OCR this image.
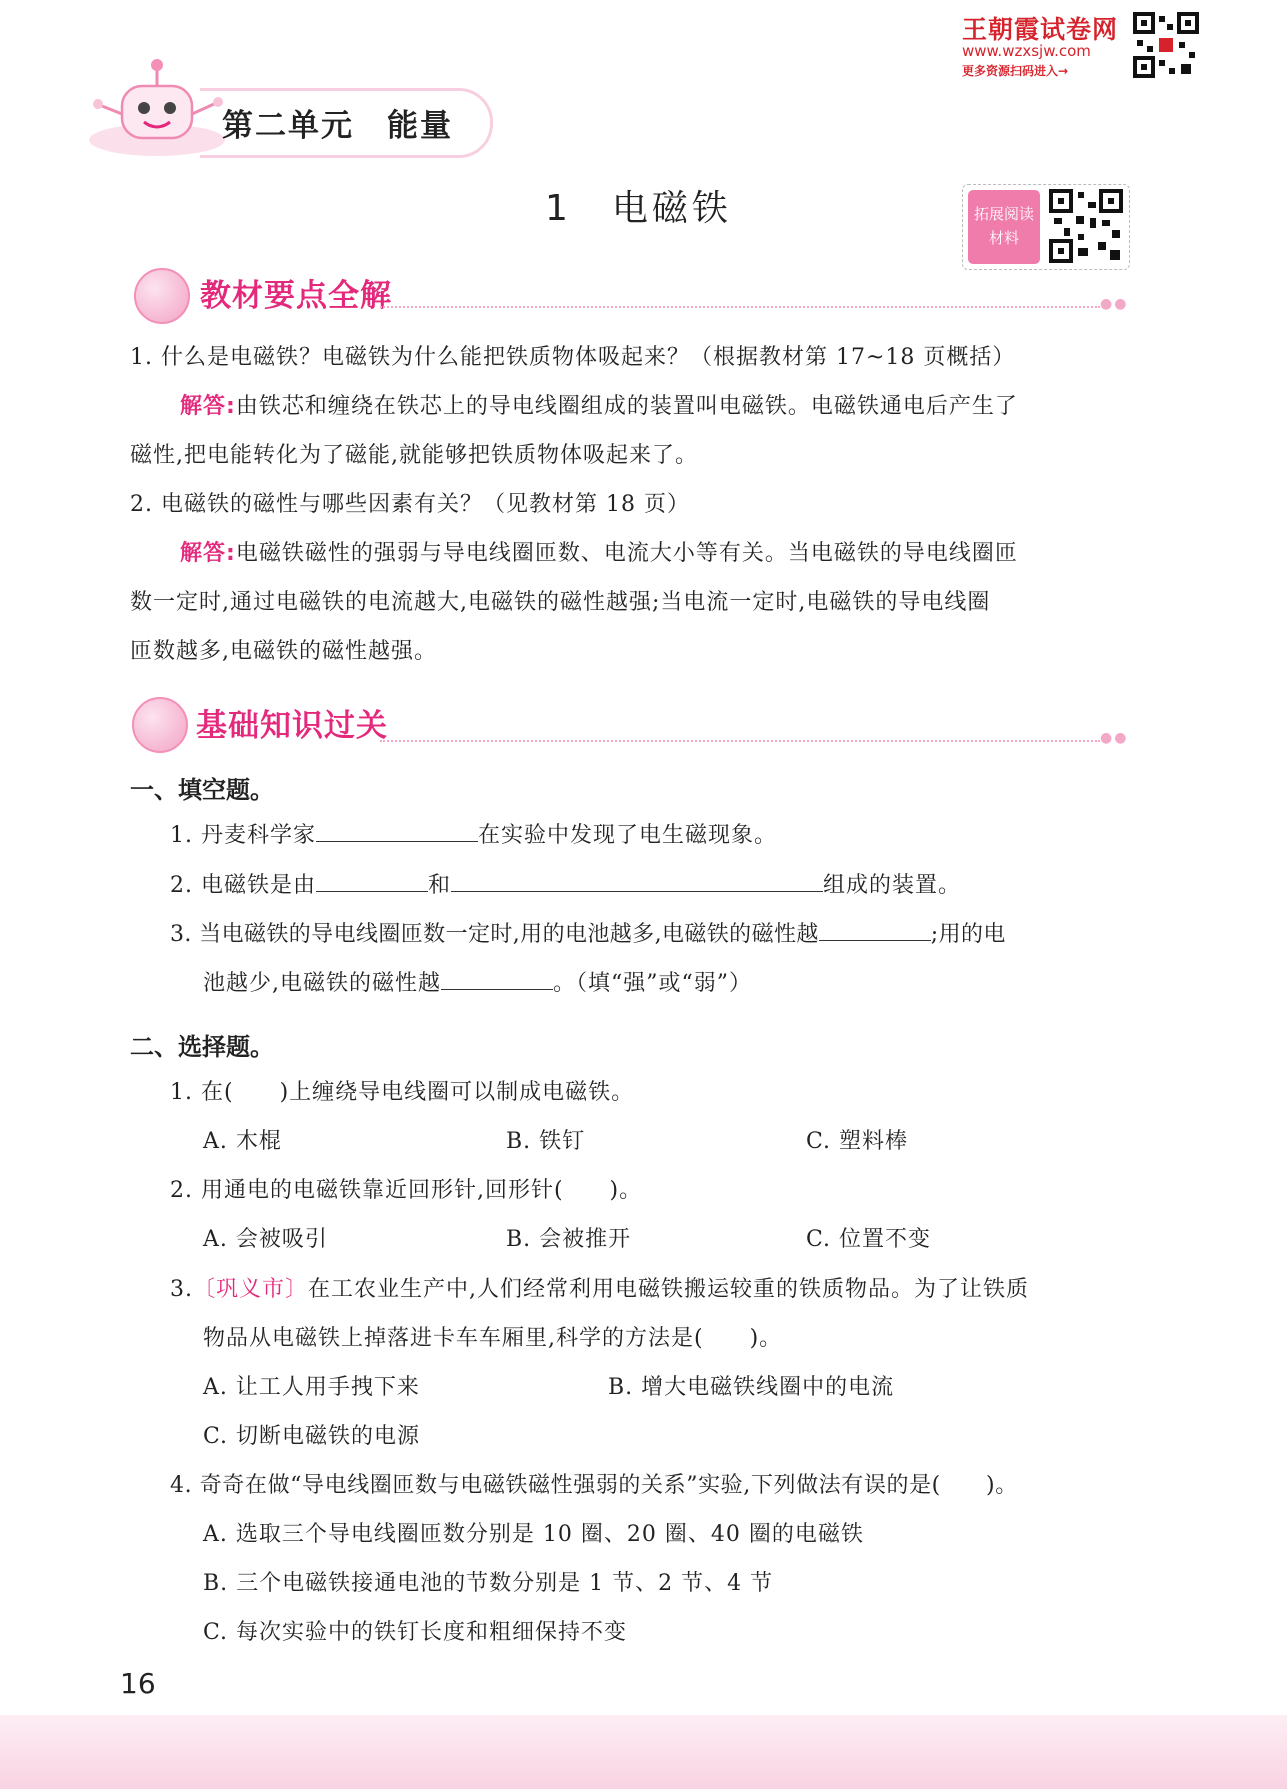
王朝霞试卷网
www.wzxsjw.com
更多资源扫码进入→
第二单元　能量
1　电磁铁	拓展阅读
材料
教材要点全解	●●
1. 什么是电磁铁？电磁铁为什么能把铁质物体吸起来？（根据教材第 17~18 页概括）
解答:由铁芯和缠绕在铁芯上的导电线圈组成的装置叫电磁铁。电磁铁通电后产生了
磁性,把电能转化为了磁能,就能够把铁质物体吸起来了。
2. 电磁铁的磁性与哪些因素有关？（见教材第 18 页）
解答:电磁铁磁性的强弱与导电线圈匝数、电流大小等有关。当电磁铁的导电线圈匝
数一定时,通过电磁铁的电流越大,电磁铁的磁性越强;当电流一定时,电磁铁的导电线圈
匝数越多,电磁铁的磁性越强。
基础知识过关	●●
一、填空题。
1. 丹麦科学家	在实验中发现了电生磁现象。
2. 电磁铁是由	和	组成的装置。
3. 当电磁铁的导电线圈匝数一定时,用的电池越多,电磁铁的磁性越	;用的电
池越少,电磁铁的磁性越	。（填“强”或“弱”）
二、选择题。
1. 在(　　)上缠绕导电线圈可以制成电磁铁。
A. 木棍	B. 铁钉	C. 塑料棒
2. 用通电的电磁铁靠近回形针,回形针(　　)。
A. 会被吸引	B. 会被推开	C. 位置不变
3.〔巩义市〕在工农业生产中,人们经常利用电磁铁搬运较重的铁质物品。为了让铁质
物品从电磁铁上掉落进卡车车厢里,科学的方法是(　　)。
A. 让工人用手拽下来	B. 增大电磁铁线圈中的电流
C. 切断电磁铁的电源
4. 奇奇在做“导电线圈匝数与电磁铁磁性强弱的关系”实验,下列做法有误的是(　　)。
A. 选取三个导电线圈匝数分别是 10 圈、20 圈、40 圈的电磁铁
B. 三个电磁铁接通电池的节数分别是 1 节、2 节、4 节
C. 每次实验中的铁钉长度和粗细保持不变
16
